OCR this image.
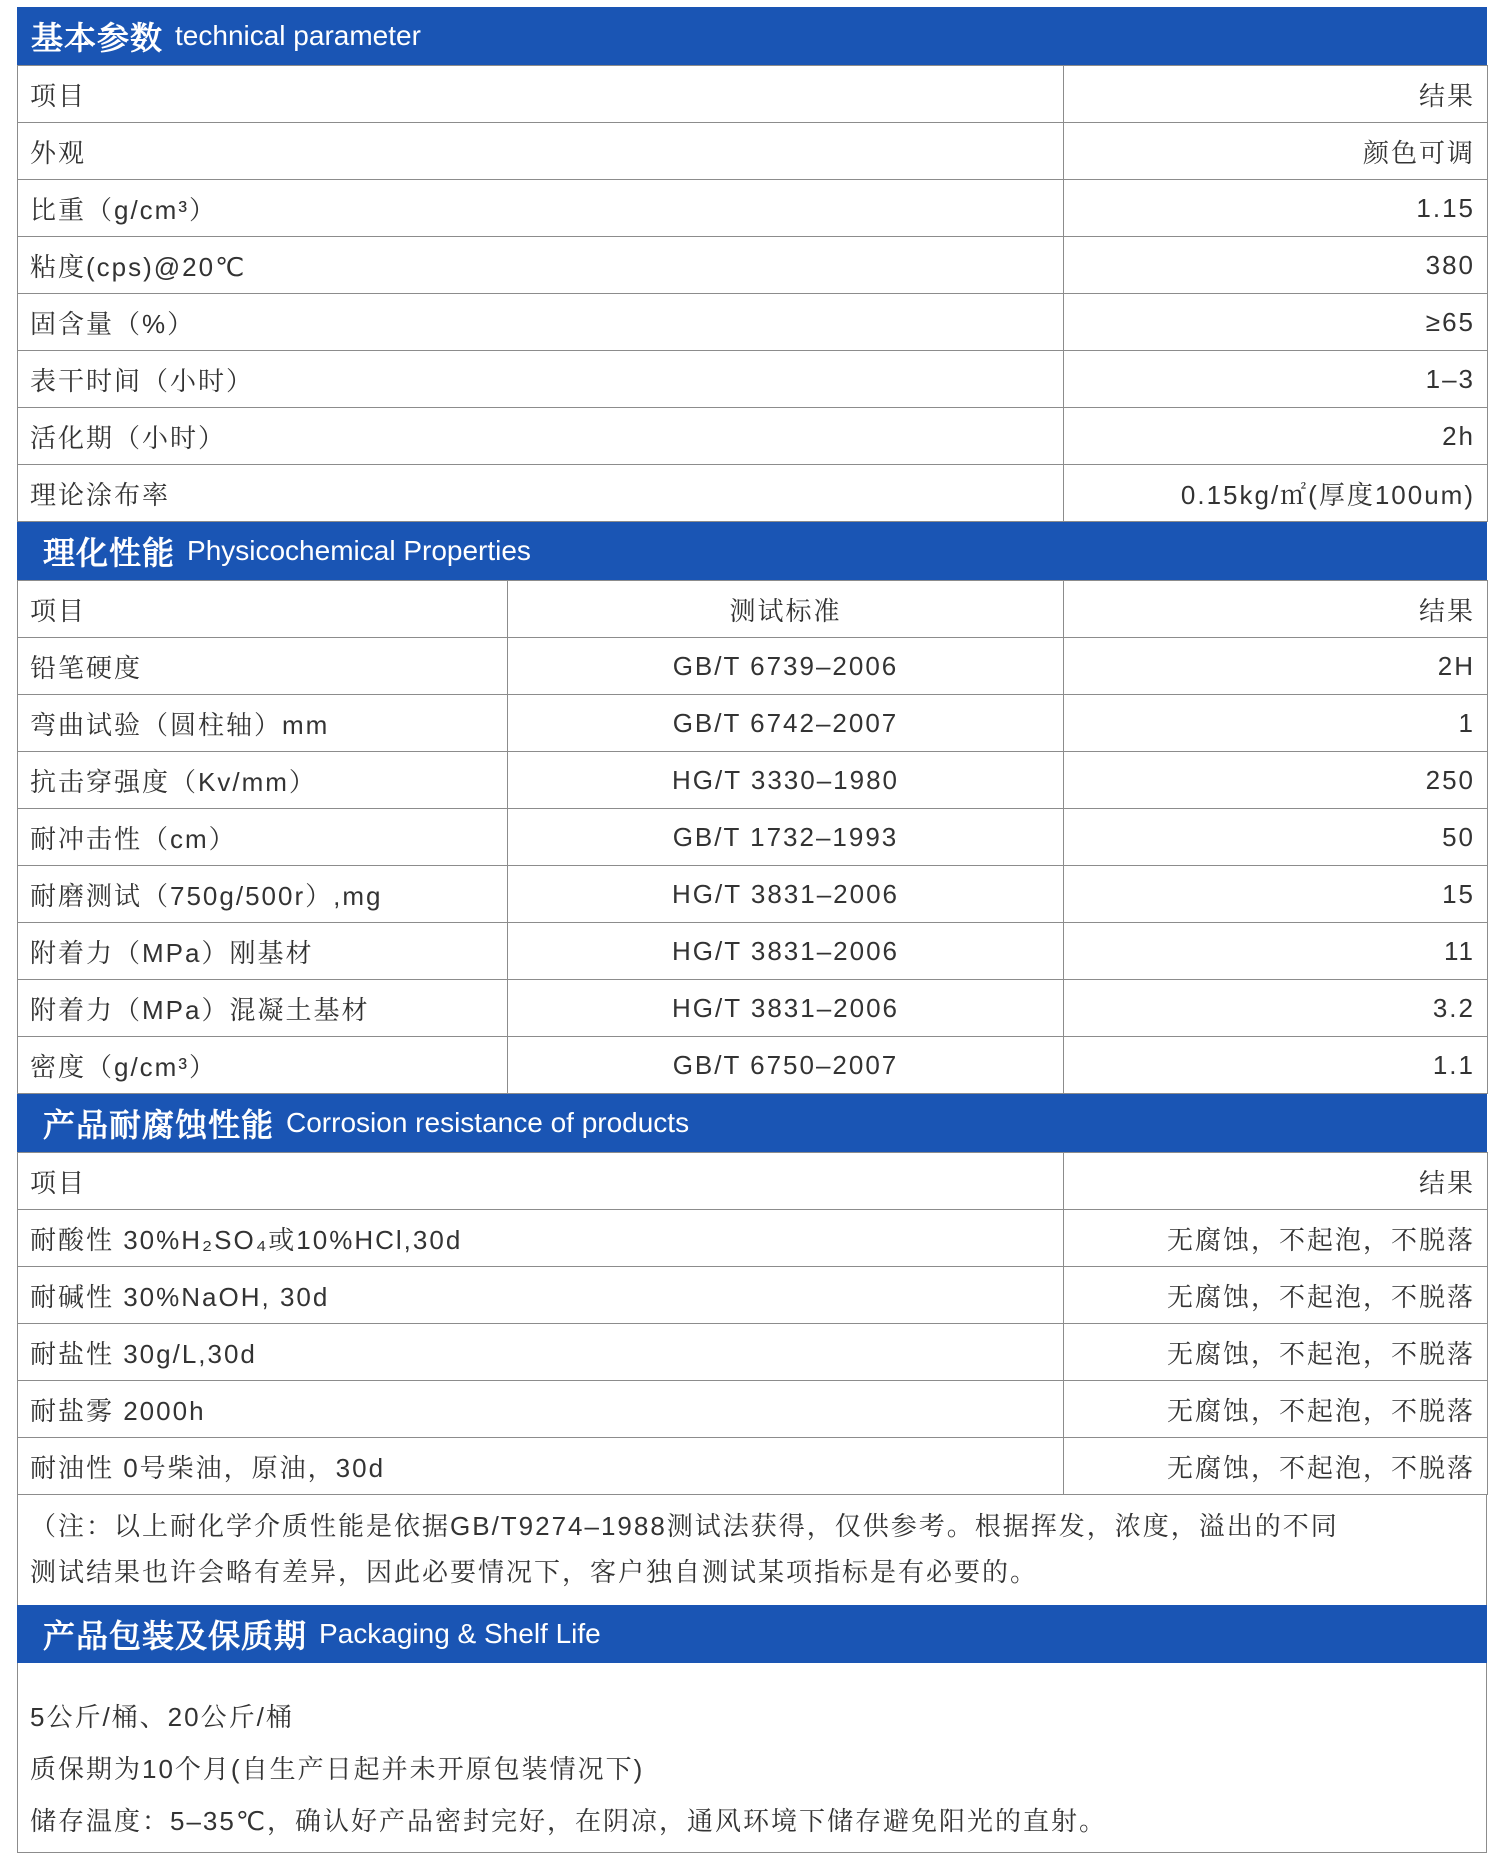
基本参数 technical parameter
项目	结果
外观	颜色可调
比重（g/cm³）	1.15
粘度(cps)@20℃	380
固含量（%）	≥65
表干时间（小时）	1–3
活化期（小时）	2h
理论涂布率	0.15kg/㎡(厚度100um)
理化性能 Physicochemical Properties
项目	测试标准	结果
铅笔硬度	GB/T 6739–2006	2H
弯曲试验（圆柱轴）mm	GB/T 6742–2007	1
抗击穿强度（Kv/mm）	HG/T 3330–1980	250
耐冲击性（cm）	GB/T 1732–1993	50
耐磨测试（750g/500r）,mg	HG/T 3831–2006	15
附着力（MPa）刚基材	HG/T 3831–2006	11
附着力（MPa）混凝土基材	HG/T 3831–2006	3.2
密度（g/cm³）	GB/T 6750–2007	1.1
产品耐腐蚀性能 Corrosion resistance of products
项目	结果
耐酸性 30%H₂SO₄或10%HCl,30d	无腐蚀，不起泡，不脱落
耐碱性 30%NaOH, 30d	无腐蚀，不起泡，不脱落
耐盐性 30g/L,30d	无腐蚀，不起泡，不脱落
耐盐雾 2000h	无腐蚀，不起泡，不脱落
耐油性 0号柴油，原油，30d	无腐蚀，不起泡，不脱落
（注：以上耐化学介质性能是依据GB/T9274–1988测试法获得，仅供参考。根据挥发，浓度，溢出的不同
测试结果也许会略有差异，因此必要情况下，客户独自测试某项指标是有必要的。
产品包装及保质期 Packaging & Shelf Life
5公斤/桶、20公斤/桶
质保期为10个月(自生产日起并未开原包装情况下)
储存温度：5–35℃，确认好产品密封完好，在阴凉，通风环境下储存避免阳光的直射。
